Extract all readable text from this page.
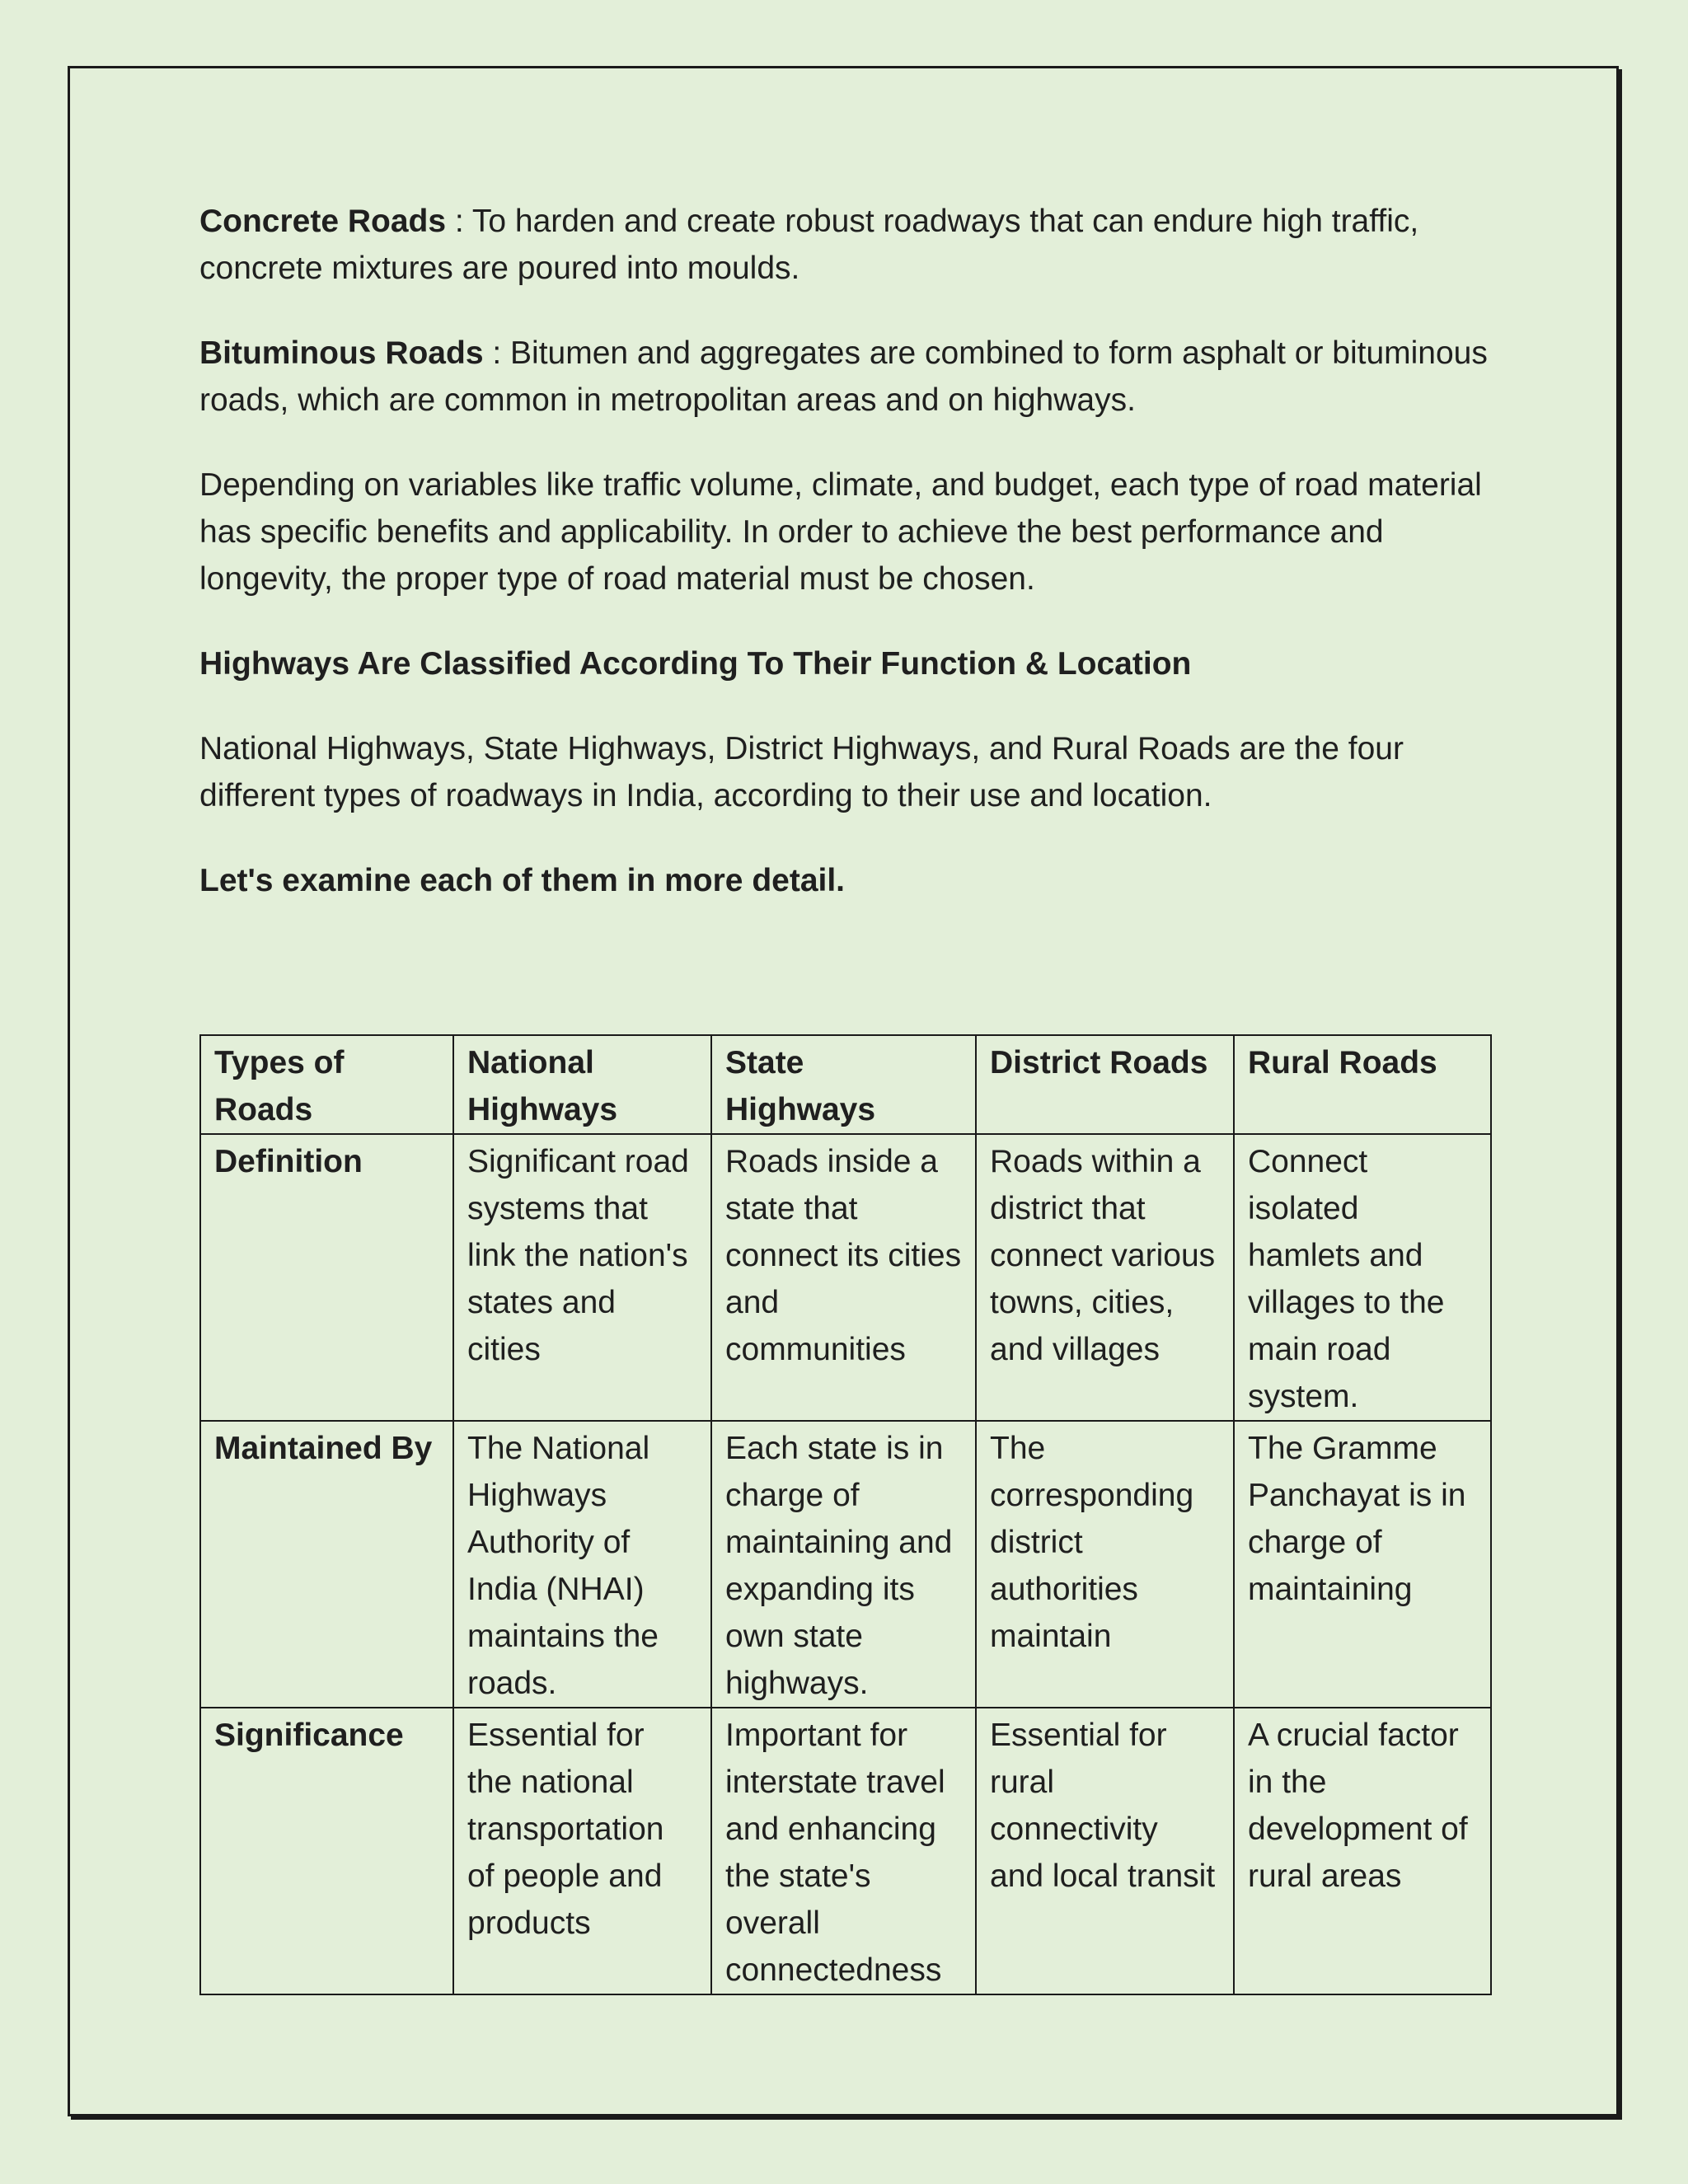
Concrete Roads : To harden and create robust roadways that can endure high traffic, concrete mixtures are poured into moulds.

Bituminous Roads : Bitumen and aggregates are combined to form asphalt or bituminous roads, which are common in metropolitan areas and on highways.

Depending on variables like traffic volume, climate, and budget, each type of road material has specific benefits and applicability. In order to achieve the best performance and longevity, the proper type of road material must be chosen.

Highways Are Classified According To Their Function & Location

National Highways, State Highways, District Highways, and Rural Roads are the four different types of roadways in India, according to their use and location.

Let's examine each of them in more detail.

Types of Roads	National Highways	State Highways	District Roads	Rural Roads
Definition	Significant road systems that link the nation's states and cities	Roads inside a state that connect its cities and communities	Roads within a district that connect various towns, cities, and villages	Connect isolated hamlets and villages to the main road system.
Maintained By	The National Highways Authority of India (NHAI) maintains the roads.	Each state is in charge of maintaining and expanding its own state highways.	The corresponding district authorities maintain	The Gramme Panchayat is in charge of maintaining
Significance	Essential for the national transportation of people and products	Important for interstate travel and enhancing the state's overall connectedness	Essential for rural connectivity and local transit	A crucial factor in the development of rural areas
